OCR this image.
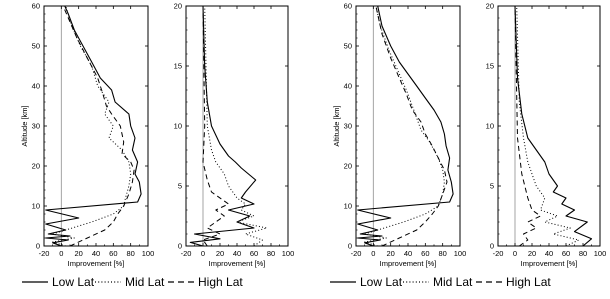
-20 0 20 40 60 80 100
0
10
20
30
40
50
60
Improvement [%]
Altitude [km]
-20 0 20 40 60 80 100
0
5
10
15
20
Improvement [%]
-20 0 20 40 60 80 100
0
10
20
30
40
50
60
Improvement [%]
Altitude [km]
-20 0 20 40 60 80 100
0
5
10
15
20
Improvement [%]
Low Lat	Mid Lat	High Lat	Low Lat	Mid Lat	High Lat
